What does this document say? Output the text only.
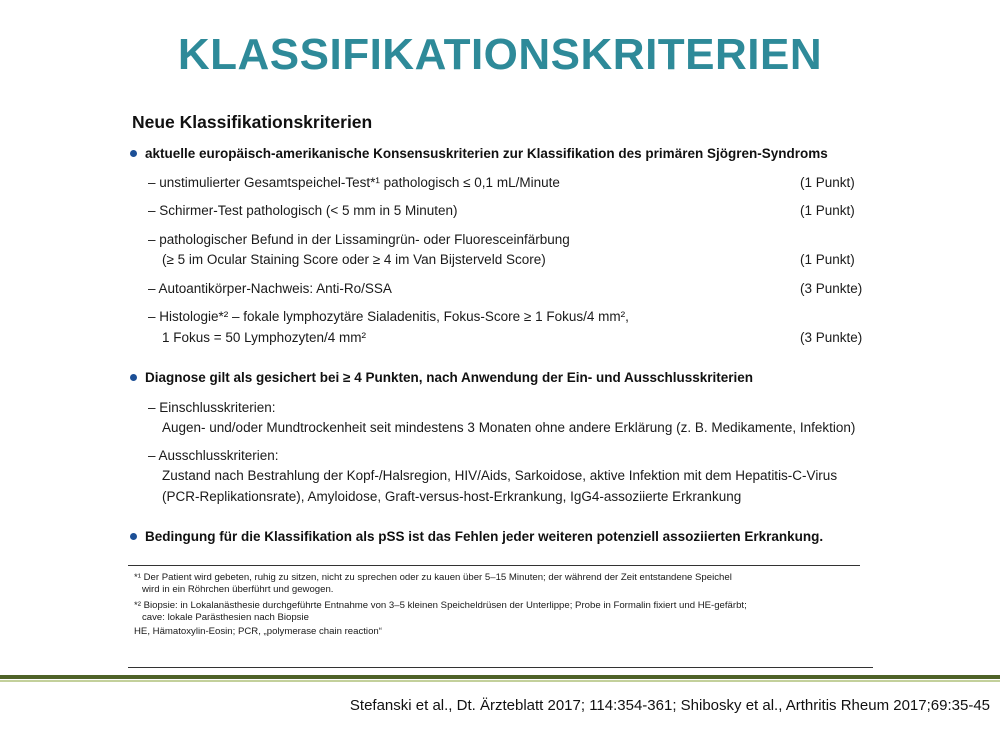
KLASSIFIKATIONSKRITERIEN
Neue Klassifikationskriterien
aktuelle europäisch-amerikanische Konsensuskriterien zur Klassifikation des primären Sjögren-Syndroms
– unstimulierter Gesamtspeichel-Test*¹ pathologisch ≤ 0,1 mL/Minute	(1 Punkt)
– Schirmer-Test pathologisch (< 5 mm in 5 Minuten)	(1 Punkt)
– pathologischer Befund in der Lissamingrün- oder Fluoresceinfärbung
(≥ 5 im Ocular Staining Score oder ≥ 4 im Van Bijsterveld Score)	(1 Punkt)
– Autoantikörper-Nachweis: Anti-Ro/SSA	(3 Punkte)
– Histologie*² – fokale lymphozytäre Sialadenitis, Fokus-Score ≥ 1 Fokus/4 mm²,
1 Fokus = 50 Lymphozyten/4 mm²	(3 Punkte)
Diagnose gilt als gesichert bei ≥ 4 Punkten, nach Anwendung der Ein- und Ausschlusskriterien
– Einschlusskriterien:
Augen- und/oder Mundtrockenheit seit mindestens 3 Monaten ohne andere Erklärung (z. B. Medikamente, Infektion)
– Ausschlusskriterien:
Zustand nach Bestrahlung der Kopf-/Halsregion, HIV/Aids, Sarkoidose, aktive Infektion mit dem Hepatitis-C-Virus
(PCR-Replikationsrate), Amyloidose, Graft-versus-host-Erkrankung, IgG4-assoziierte Erkrankung
Bedingung für die Klassifikation als pSS ist das Fehlen jeder weiteren potenziell assoziierten Erkrankung.
*¹ Der Patient wird gebeten, ruhig zu sitzen, nicht zu sprechen oder zu kauen über 5–15 Minuten; der während der Zeit entstandene Speichel
wird in ein Röhrchen überführt und gewogen.
*² Biopsie: in Lokalanästhesie durchgeführte Entnahme von 3–5 kleinen Speicheldrüsen der Unterlippe; Probe in Formalin fixiert und HE-gefärbt;
cave: lokale Parästhesien nach Biopsie
HE, Hämatoxylin-Eosin; PCR, „polymerase chain reaction“
Stefanski et al., Dt. Ärzteblatt 2017; 114:354-361; Shibosky et al., Arthritis Rheum 2017;69:35-45
